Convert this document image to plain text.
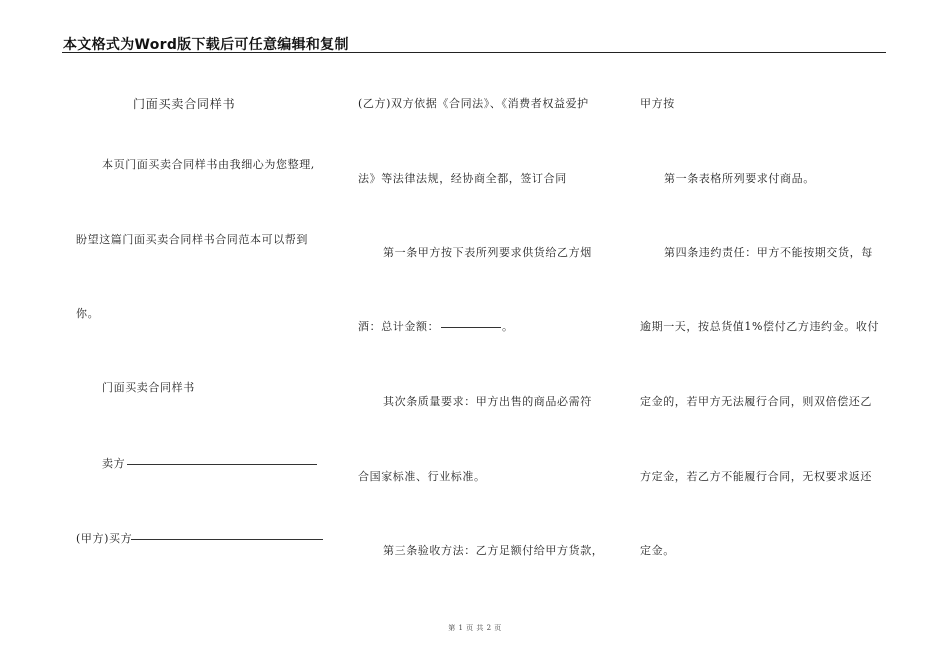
本文格式为Word版下载后可任意编辑和复制
门面买卖合同样书
本页门面买卖合同样书由我细心为您整理,
盼望这篇门面买卖合同样书合同范本可以帮到
你。
门面买卖合同样书
卖方
(甲方)买方
(乙方)双方依据《合同法》、《消费者权益爱护
法》等法律法规，经协商全都，签订合同
第一条甲方按下表所列要求供货给乙方烟
酒：总计金额：	。
其次条质量要求：甲方出售的商品必需符
合国家标准、行业标准。
第三条验收方法：乙方足额付给甲方货款，
甲方按
第一条表格所列要求付商品。
第四条违约责任：甲方不能按期交货，每
逾期一天，按总货值1%偿付乙方违约金。收付
定金的，若甲方无法履行合同，则双倍偿还乙
方定金，若乙方不能履行合同，无权要求返还
定金。
第 1 页 共 2 页
